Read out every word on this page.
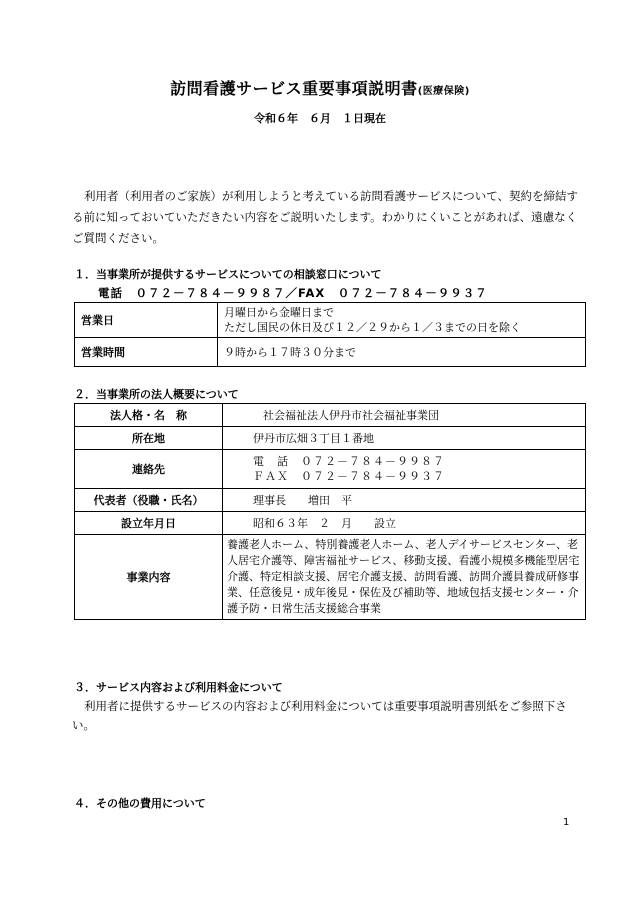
訪問看護サービス重要事項説明書(医療保険)
令和６年　６月　１日現在
利用者（利用者のご家族）が利用しようと考えている訪問看護サービスについて、契約を締結する前に知っておいていただきたい内容をご説明いたします。わかりにくいことがあれば、遠慮なくご質問ください。
１．当事業所が提供するサービスについての相談窓口について
電話　０７２－７８４－９９８７／FAX　０７２－７８４－９９３７
営業日	月曜日から金曜日まで
ただし国民の休日及び１２／２９から１／３までの日を除く

営業時間	９時から１７時３０分まで
２．当事業所の法人概要について
法人格・名　称	社会福祉法人伊丹市社会福祉事業団

所在地	伊丹市広畑３丁目１番地

連絡先	電　話　０７２－７８４－９９８７
ＦＡＸ　０７２－７８４－９９３７

代表者（役職・氏名）	理事長　　増田　平

設立年月日	昭和６３年　２　月　　設立

事業内容	養護老人ホーム、特別養護老人ホーム、老人デイサービスセンター、老人居宅介護等、障害福祉サービス、移動支援、看護小規模多機能型居宅介護、特定相談支援、居宅介護支援、訪問看護、訪問介護員養成研修事業、任意後見・成年後見・保佐及び補助等、地域包括支援センター・介護予防・日常生活支援総合事業
３．サービス内容および利用料金について
利用者に提供するサービスの内容および利用料金については重要事項説明書別紙をご参照下さい。
４．その他の費用について
1
